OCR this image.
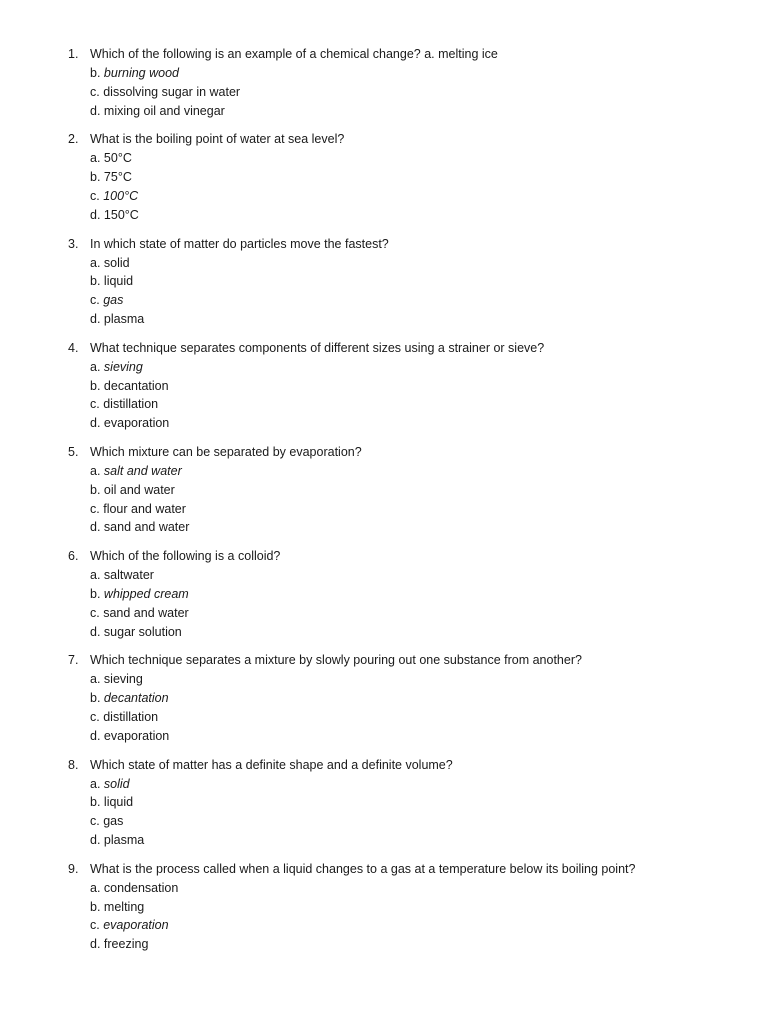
1. Which of the following is an example of a chemical change? a. melting ice
b. burning wood
c. dissolving sugar in water
d. mixing oil and vinegar
2. What is the boiling point of water at sea level?
a. 50°C
b. 75°C
c. 100°C
d. 150°C
3. In which state of matter do particles move the fastest?
a. solid
b. liquid
c. gas
d. plasma
4. What technique separates components of different sizes using a strainer or sieve?
a. sieving
b. decantation
c. distillation
d. evaporation
5. Which mixture can be separated by evaporation?
a. salt and water
b. oil and water
c. flour and water
d. sand and water
6. Which of the following is a colloid?
a. saltwater
b. whipped cream
c. sand and water
d. sugar solution
7. Which technique separates a mixture by slowly pouring out one substance from another?
a. sieving
b. decantation
c. distillation
d. evaporation
8. Which state of matter has a definite shape and a definite volume?
a. solid
b. liquid
c. gas
d. plasma
9. What is the process called when a liquid changes to a gas at a temperature below its boiling point?
a. condensation
b. melting
c. evaporation
d. freezing
